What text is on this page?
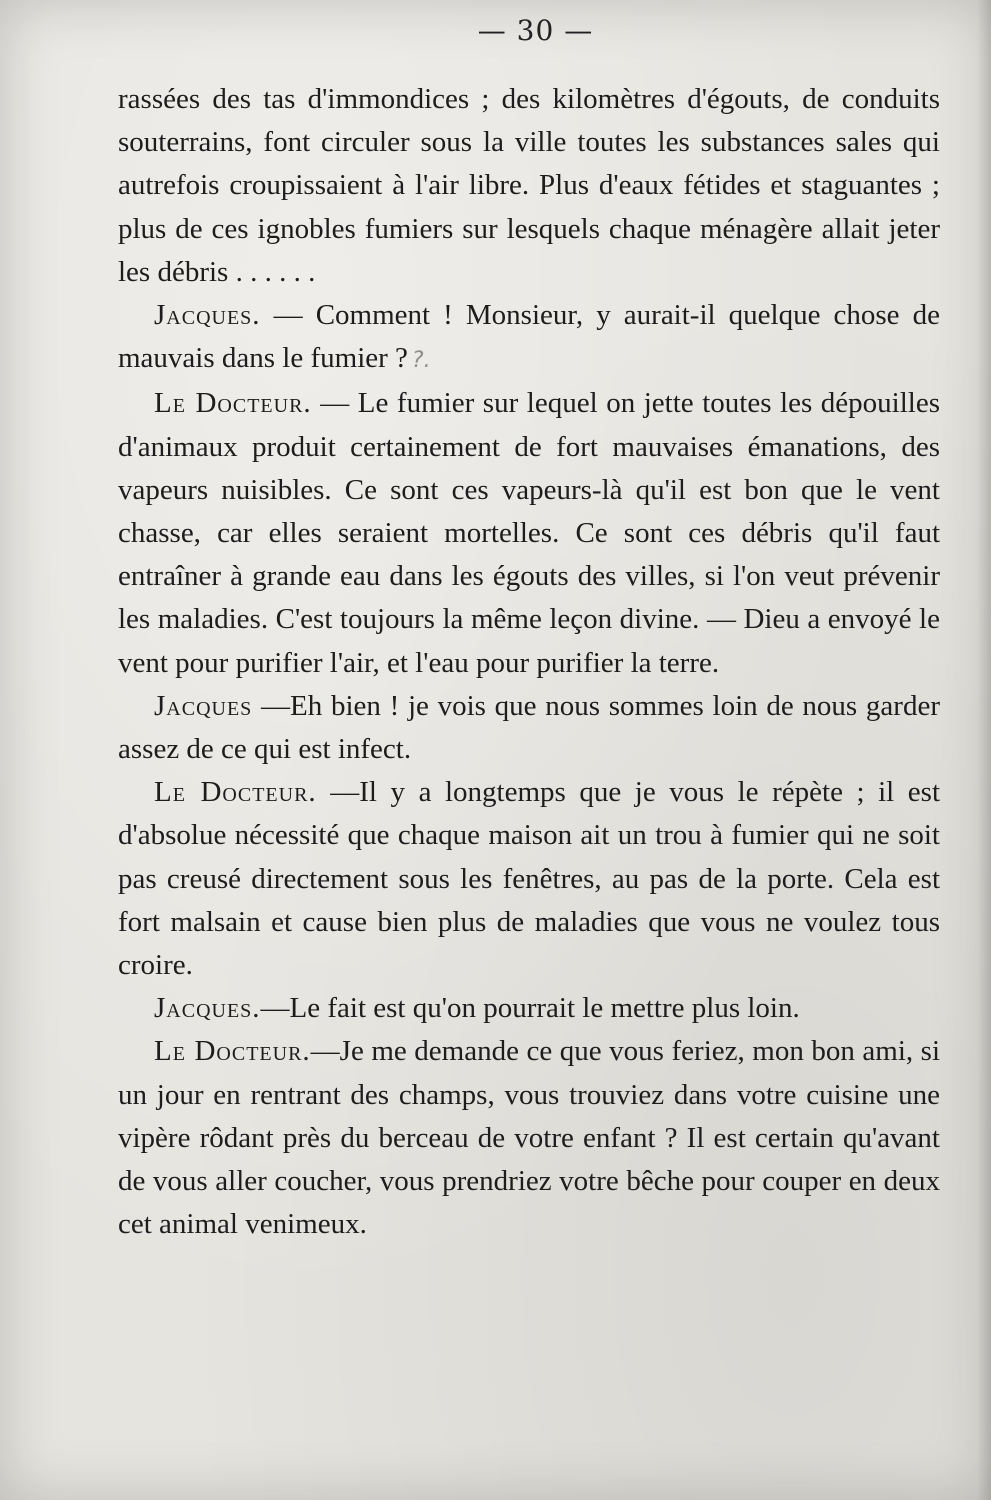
— 30 —

rassées des tas d'immondices ; des kilomètres d'égouts, de conduits souterrains, font circuler sous la ville toutes les substances sales qui autrefois croupissaient à l'air libre. Plus d'eaux fétides et staguantes ; plus de ces ignobles fumiers sur lesquels chaque ménagère allait jeter les débris . . . . . .

Jacques. — Comment ! Monsieur, y aurait-il quelque chose de mauvais dans le fumier ? ?.

Le Docteur. — Le fumier sur lequel on jette toutes les dépouilles d'animaux produit certainement de fort mauvaises émanations, des vapeurs nuisibles. Ce sont ces vapeurs-là qu'il est bon que le vent chasse, car elles seraient mortelles. Ce sont ces débris qu'il faut entraîner à grande eau dans les égouts des villes, si l'on veut prévenir les maladies. C'est toujours la même leçon divine. — Dieu a envoyé le vent pour purifier l'air, et l'eau pour purifier la terre.

Jacques —Eh bien ! je vois que nous sommes loin de nous garder assez de ce qui est infect.

Le Docteur. —Il y a longtemps que je vous le répète ; il est d'absolue nécessité que chaque maison ait un trou à fumier qui ne soit pas creusé directement sous les fenêtres, au pas de la porte. Cela est fort malsain et cause bien plus de maladies que vous ne voulez tous croire.

Jacques.—Le fait est qu'on pourrait le mettre plus loin.

Le Docteur.—Je me demande ce que vous feriez, mon bon ami, si un jour en rentrant des champs, vous trouviez dans votre cuisine une vipère rôdant près du berceau de votre enfant ? Il est certain qu'avant de vous aller coucher, vous prendriez votre bêche pour couper en deux cet animal venimeux.
